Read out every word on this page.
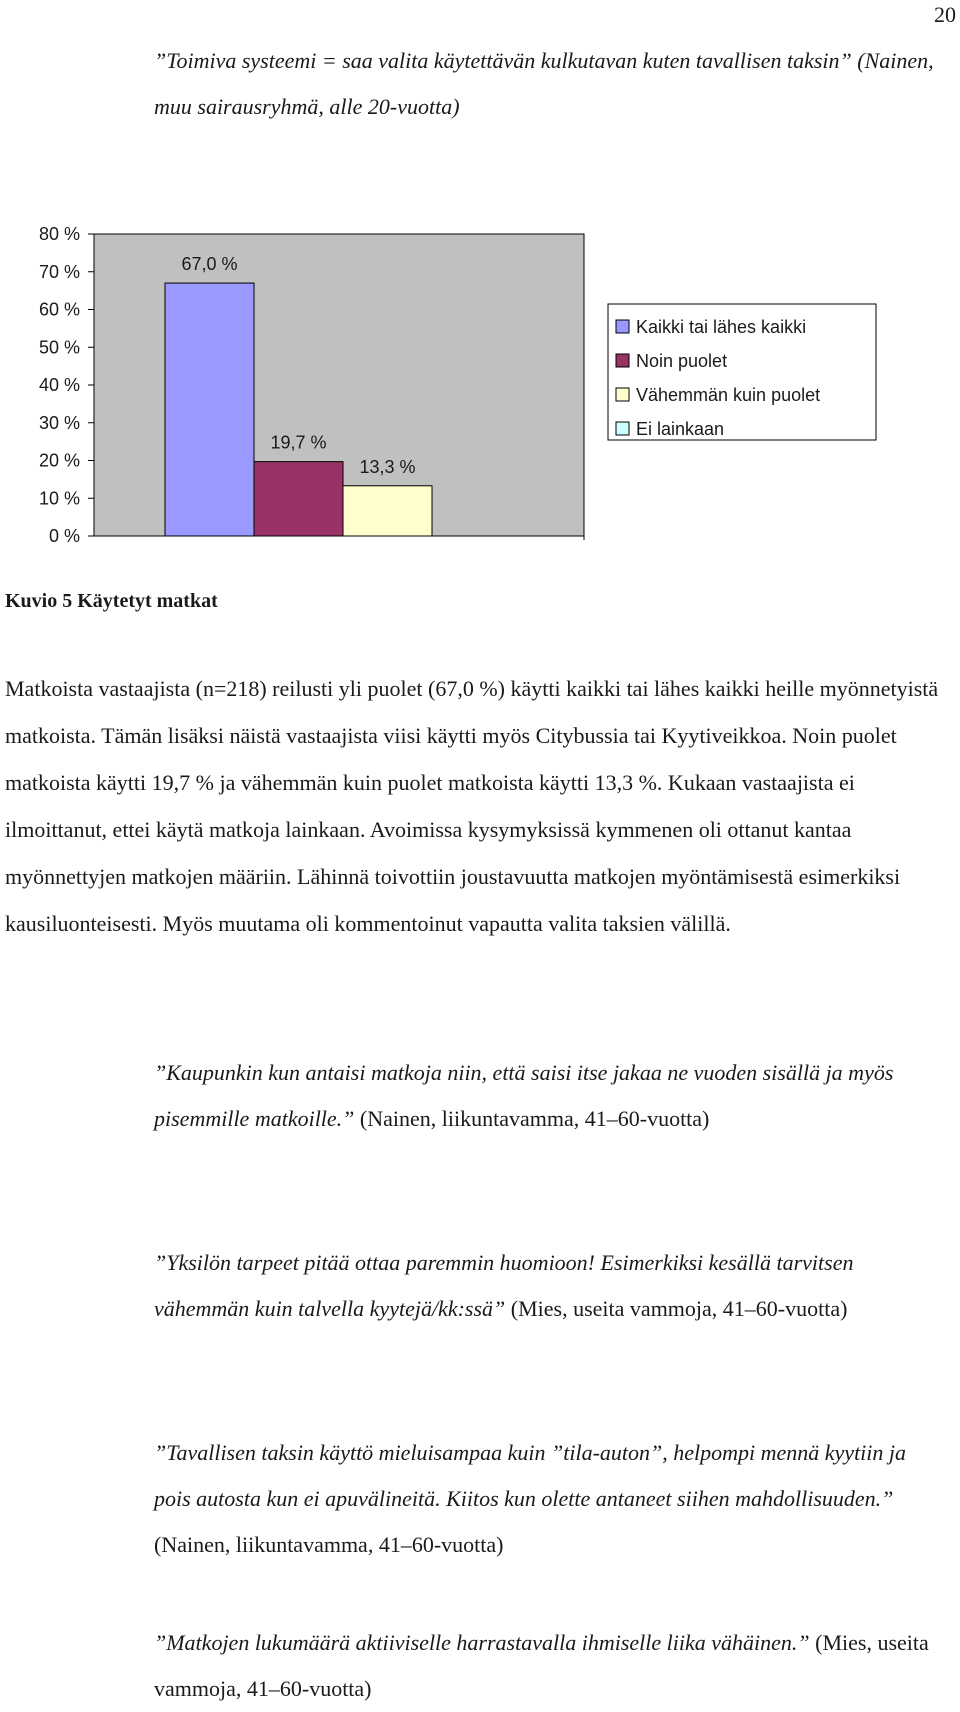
20

”Toimiva systeemi = saa valita käytettävän kulkutavan kuten tavallisen taksin” (Nainen, muu sairausryhmä, alle 20-vuotta)

0 %
10 %
20 %
30 %
40 %
50 %
60 %
70 %
80 %
67,0 %
19,7 %
13,3 %
Kaikki tai lähes kaikki
Noin puolet
Vähemmän kuin puolet
Ei lainkaan

Kuvio 5 Käytetyt matkat

Matkoista vastaajista (n=218) reilusti yli puolet (67,0 %) käytti kaikki tai lähes kaikki heille myönnetyistä matkoista. Tämän lisäksi näistä vastaajista viisi käytti myös Citybussia tai Kyytiveikkoa. Noin puolet matkoista käytti 19,7 % ja vähemmän kuin puolet matkoista käytti 13,3 %. Kukaan vastaajista ei ilmoittanut, ettei käytä matkoja lainkaan. Avoimissa kysymyksissä kymmenen oli ottanut kantaa myönnettyjen matkojen määriin. Lähinnä toivottiin joustavuutta matkojen myöntämisestä esimerkiksi kausiluonteisesti. Myös muutama oli kommentoinut vapautta valita taksien välillä.

”Kaupunkin kun antaisi matkoja niin, että saisi itse jakaa ne vuoden sisällä ja myös pisemmille matkoille.” (Nainen, liikuntavamma, 41–60-vuotta)

”Yksilön tarpeet pitää ottaa paremmin huomioon! Esimerkiksi kesällä tarvitsen vähemmän kuin talvella kyytejä/kk:ssä” (Mies, useita vammoja, 41–60-vuotta)

”Tavallisen taksin käyttö mieluisampaa kuin ”tila-auton”, helpompi mennä kyytiin ja pois autosta kun ei apuvälineitä. Kiitos kun olette antaneet siihen mahdollisuuden.” (Nainen, liikuntavamma, 41–60-vuotta)

”Matkojen lukumäärä aktiiviselle harrastavalla ihmiselle liika vähäinen.” (Mies, useita vammoja, 41–60-vuotta)
